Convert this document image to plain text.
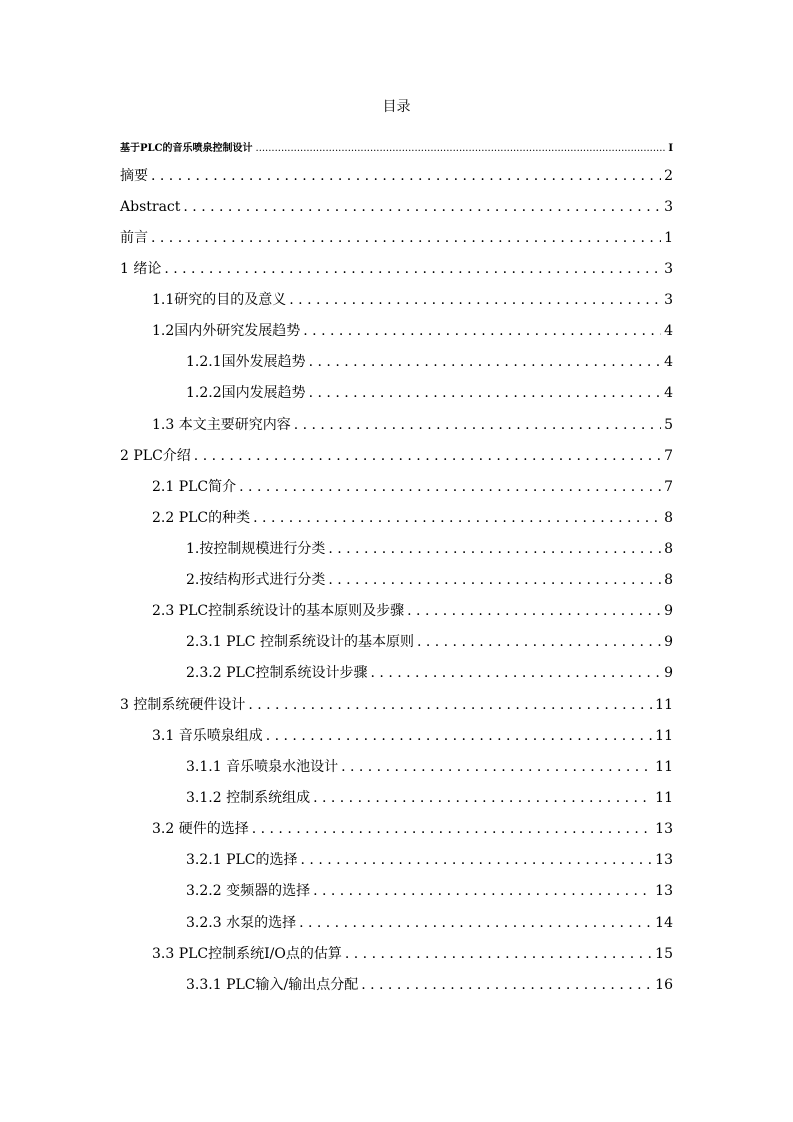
目录
基于PLC的音乐喷泉控制设计 .....	I
摘要 . . .	2
Abstract . . .	3
前言 . . .	1
1 绪论 . . .	3
1.1研究的目的及意义 . . .	3
1.2国内外研究发展趋势 . . .	4
1.2.1国外发展趋势 . . .	4
1.2.2国内发展趋势 . . .	4
1.3 本文主要研究内容 . . .	5
2 PLC介绍 . . .	7
2.1 PLC简介 . . .	7
2.2 PLC的种类 . . .	8
1.按控制规模进行分类 . . .	8
2.按结构形式进行分类 . . .	8
2.3 PLC控制系统设计的基本原则及步骤 . . .	9
2.3.1 PLC 控制系统设计的基本原则 . . .	9
2.3.2 PLC控制系统设计步骤 . . .	9
3 控制系统硬件设计 . . .	11
3.1 音乐喷泉组成 . . .	11
3.1.1 音乐喷泉水池设计 . . .	11
3.1.2 控制系统组成 . . .	11
3.2 硬件的选择 . . .	13
3.2.1 PLC的选择 . . .	13
3.2.2 变频器的选择 . . .	13
3.2.3 水泵的选择 . . .	14
3.3 PLC控制系统I/O点的估算 . . .	15
3.3.1 PLC输入/输出点分配 . . .	16
